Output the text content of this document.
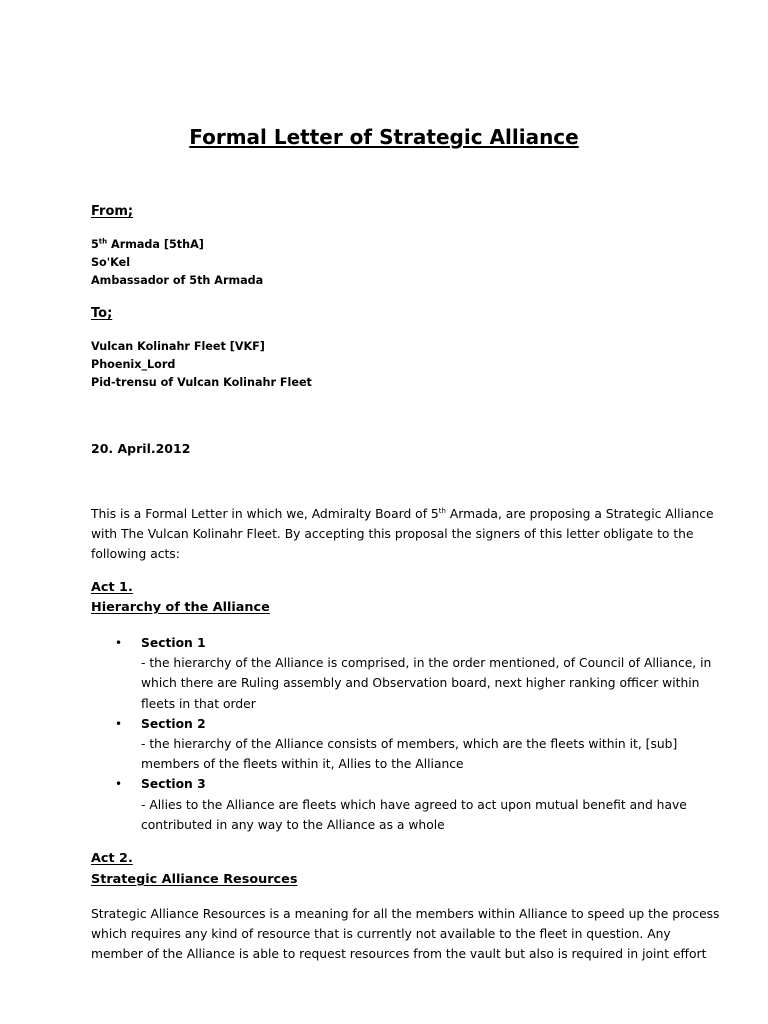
Formal Letter of Strategic Alliance
From;
5th Armada [5thA]
So'Kel
Ambassador of 5th Armada
To;
Vulcan Kolinahr Fleet [VKF]
Phoenix_Lord
Pid-trensu of Vulcan Kolinahr Fleet
20. April.2012
This is a Formal Letter in which we, Admiralty Board of 5th Armada, are proposing a Strategic Alliance
with The Vulcan Kolinahr Fleet. By accepting this proposal the signers of this letter obligate to the
following acts:
Act 1.
Hierarchy of the Alliance
• Section 1
- the hierarchy of the Alliance is comprised, in the order mentioned, of Council of Alliance, in
which there are Ruling assembly and Observation board, next higher ranking officer within
fleets in that order
• Section 2
- the hierarchy of the Alliance consists of members, which are the fleets within it, [sub]
members of the fleets within it, Allies to the Alliance
• Section 3
- Allies to the Alliance are fleets which have agreed to act upon mutual benefit and have
contributed in any way to the Alliance as a whole
Act 2.
Strategic Alliance Resources
Strategic Alliance Resources is a meaning for all the members within Alliance to speed up the process
which requires any kind of resource that is currently not available to the fleet in question. Any
member of the Alliance is able to request resources from the vault but also is required in joint effort
